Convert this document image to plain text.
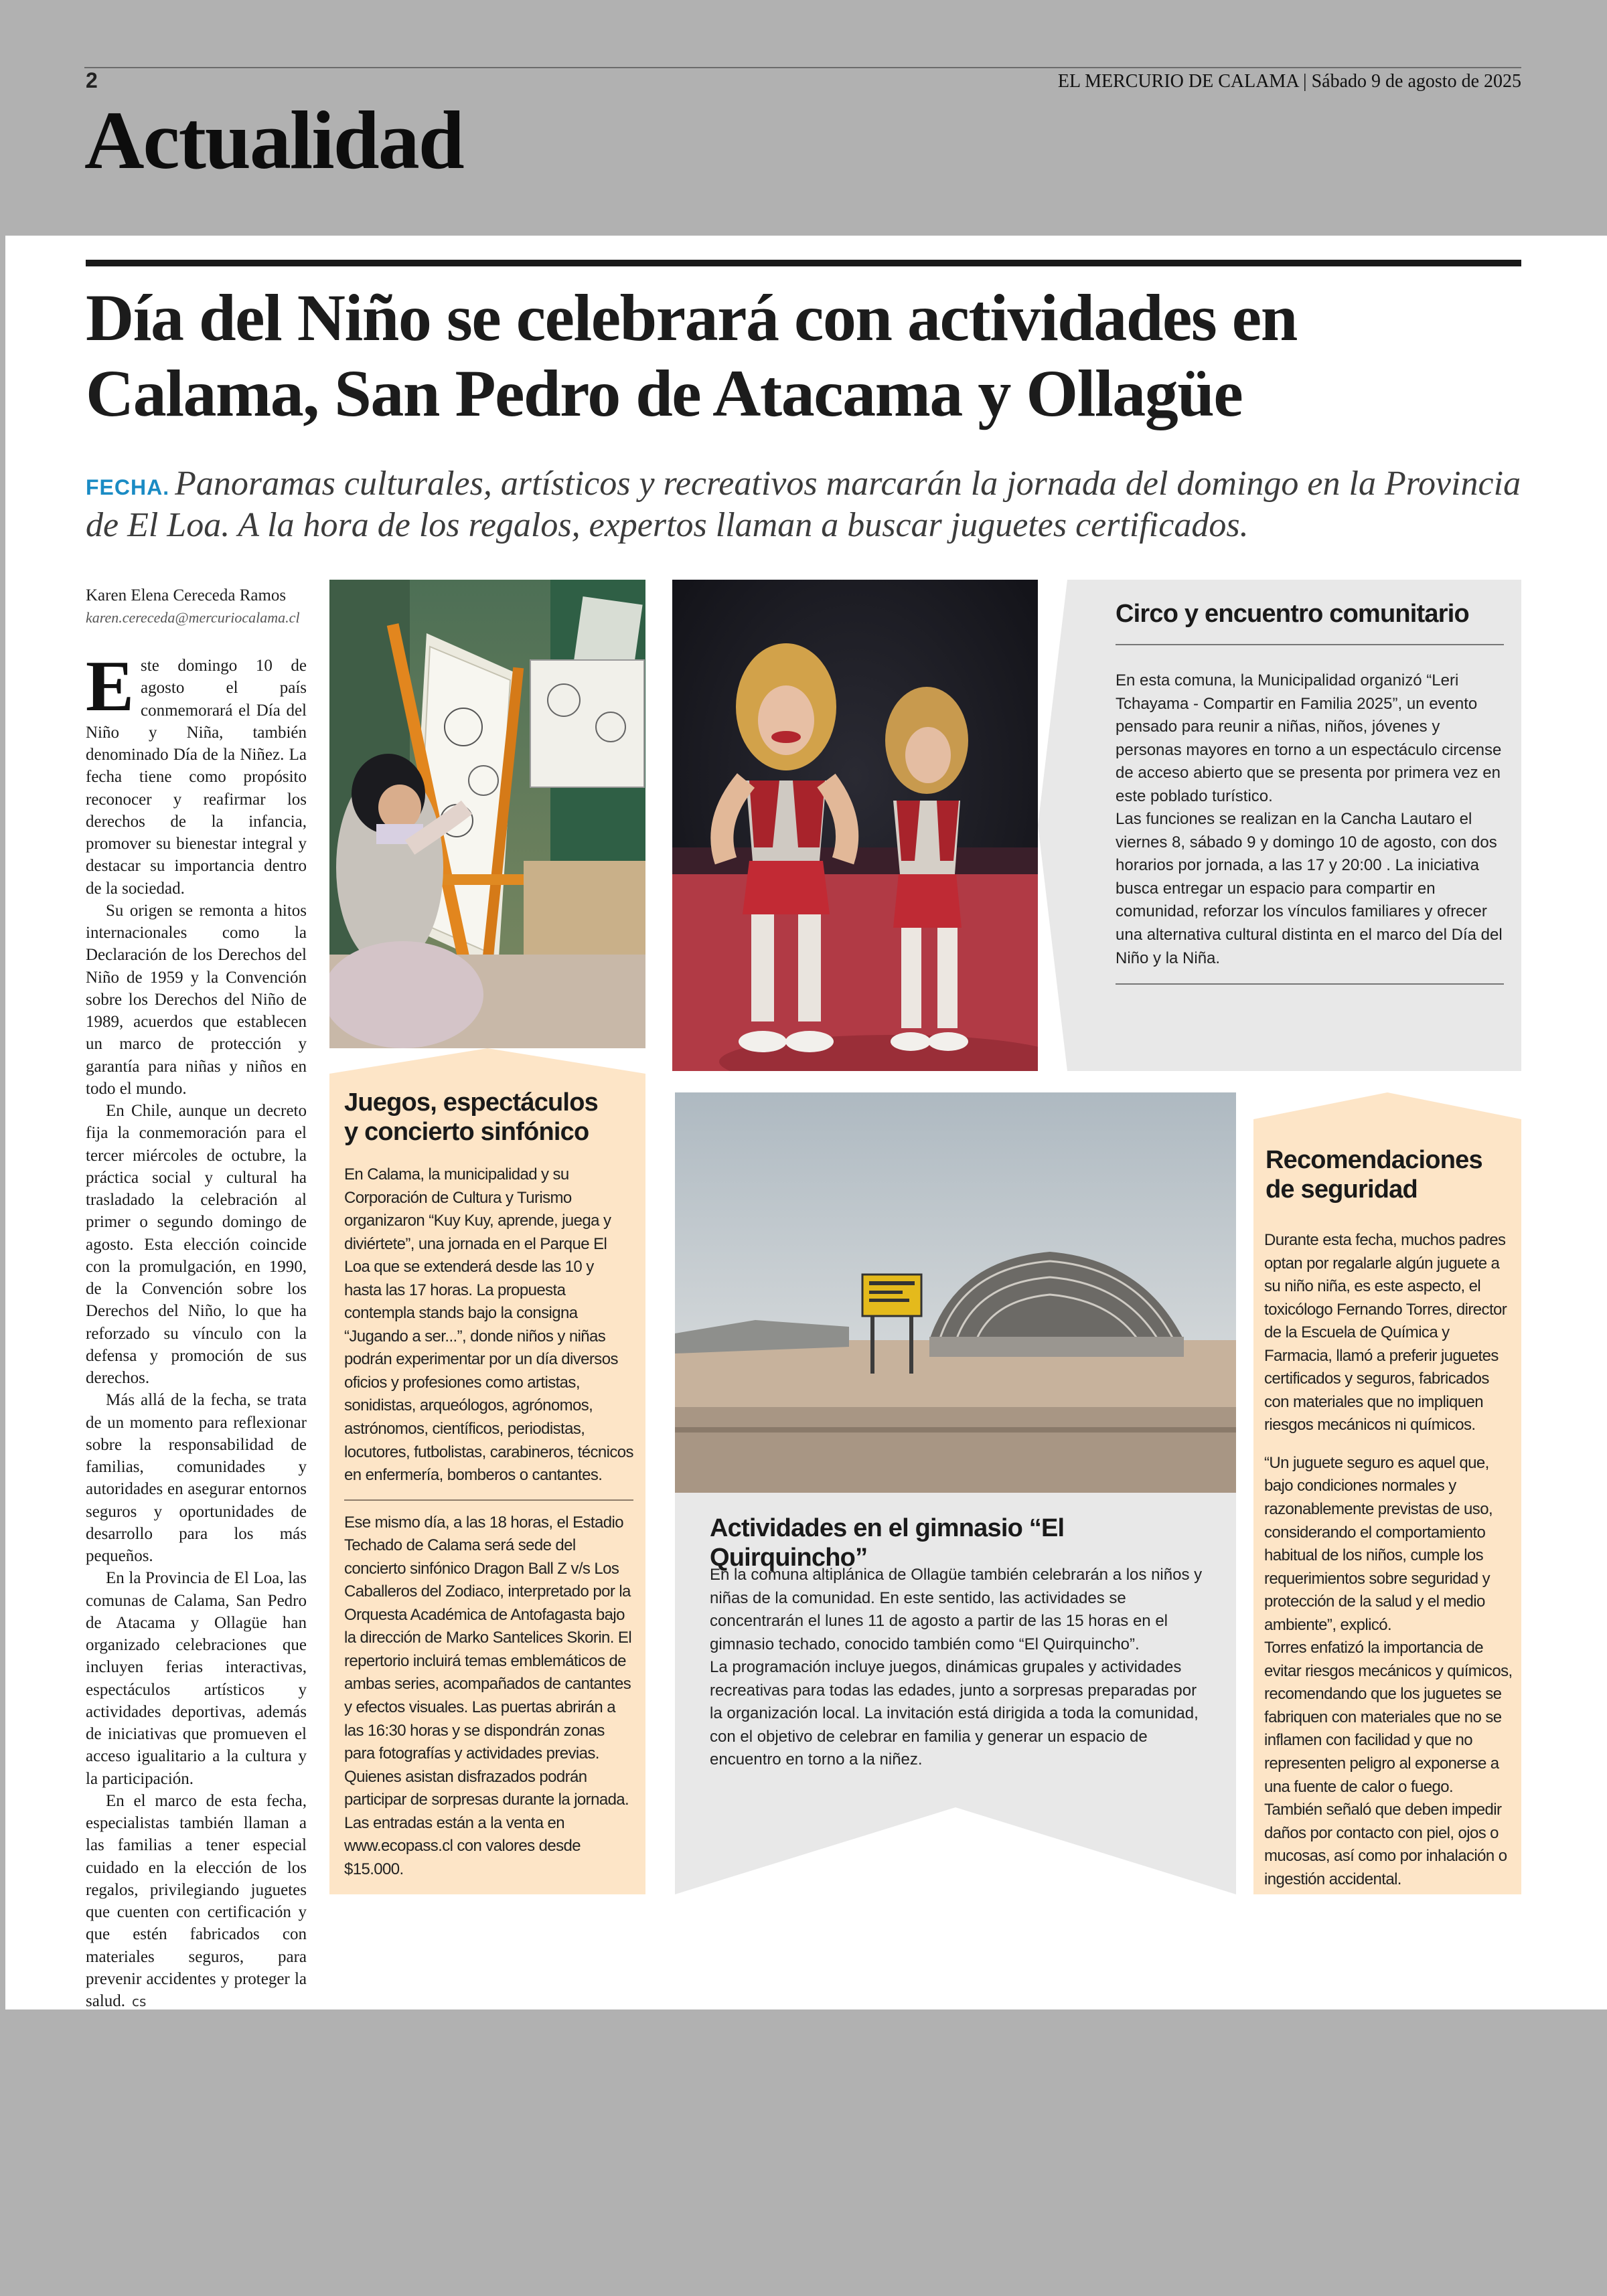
2	EL MERCURIO DE CALAMA | Sábado 9 de agosto de 2025
Actualidad
Día del Niño se celebrará con actividades en
Calama, San Pedro de Atacama y Ollagüe
FECHA. Panoramas culturales, artísticos y recreativos marcarán la jornada del domingo en la Provincia de El Loa. A la hora de los regalos, expertos llaman a buscar juguetes certificados.
Karen Elena Cereceda Ramos
karen.cereceda@mercuriocalama.cl

Este domingo 10 de agosto el país conmemorará el Día del Niño y Niña, también denominado Día de la Niñez. La fecha tiene como propósito reconocer y reafirmar los derechos de la infancia, promover su bienestar integral y destacar su importancia dentro de la sociedad.

Su origen se remonta a hitos internacionales como la Declaración de los Derechos del Niño de 1959 y la Convención sobre los Derechos del Niño de 1989, acuerdos que establecen un marco de protección y garantía para niñas y niños en todo el mundo.

En Chile, aunque un decreto fija la conmemoración para el tercer miércoles de octubre, la práctica social y cultural ha trasladado la celebración al primer o segundo domingo de agosto. Esta elección coincide con la promulgación, en 1990, de la Convención sobre los Derechos del Niño, lo que ha reforzado su vínculo con la defensa y promoción de sus derechos.

Más allá de la fecha, se trata de un momento para reflexionar sobre la responsabilidad de familias, comunidades y autoridades en asegurar entornos seguros y oportunidades de desarrollo para los más pequeños.

En la Provincia de El Loa, las comunas de Calama, San Pedro de Atacama y Ollagüe han organizado celebraciones que incluyen ferias interactivas, espectáculos artísticos y actividades deportivas, además de iniciativas que promueven el acceso igualitario a la cultura y la participación.

En el marco de esta fecha, especialistas también llaman a las familias a tener especial cuidado en la elección de los regalos, privilegiando juguetes que cuenten con certificación y que estén fabricados con materiales seguros, para prevenir accidentes y proteger la salud. cs

Juegos, espectáculos
y concierto sinfónico

En Calama, la municipalidad y su Corporación de Cultura y Turismo organizaron “Kuy Kuy, aprende, juega y diviértete”, una jornada en el Parque El Loa que se extenderá desde las 10 y hasta las 17 horas. La propuesta contempla stands bajo la consigna “Jugando a ser...”, donde niños y niñas podrán experimentar por un día diversos oficios y profesiones como artistas, sonidistas, arqueólogos, agrónomos, astrónomos, científicos, periodistas, locutores, futbolistas, carabineros, técnicos en enfermería, bomberos o cantantes.

Ese mismo día, a las 18 horas, el Estadio Techado de Calama será sede del concierto sinfónico Dragon Ball Z v/s Los Caballeros del Zodiaco, interpretado por la Orquesta Académica de Antofagasta bajo la dirección de Marko Santelices Skorin. El repertorio incluirá temas emblemáticos de ambas series, acompañados de cantantes y efectos visuales. Las puertas abrirán a las 16:30 horas y se dispondrán zonas para fotografías y actividades previas. Quienes asistan disfrazados podrán participar de sorpresas durante la jornada. Las entradas están a la venta en www.ecopass.cl con valores desde $15.000.

Circo y encuentro comunitario

En esta comuna, la Municipalidad organizó “Leri Tchayama - Compartir en Familia 2025”, un evento pensado para reunir a niñas, niños, jóvenes y personas mayores en torno a un espectáculo circense de acceso abierto que se presenta por primera vez en este poblado turístico.

Las funciones se realizan en la Cancha Lautaro el viernes 8, sábado 9 y domingo 10 de agosto, con dos horarios por jornada, a las 17 y 20:00 . La iniciativa busca entregar un espacio para compartir en comunidad, reforzar los vínculos familiares y ofrecer una alternativa cultural distinta en el marco del Día del Niño y la Niña.

Actividades en el gimnasio “El Quirquincho”

En la comuna altiplánica de Ollagüe también celebrarán a los niños y niñas de la comunidad. En este sentido, las actividades se concentrarán el lunes 11 de agosto a partir de las 15 horas en el gimnasio techado, conocido también como “El Quirquincho”.

La programación incluye juegos, dinámicas grupales y actividades recreativas para todas las edades, junto a sorpresas preparadas por la organización local. La invitación está dirigida a toda la comunidad, con el objetivo de celebrar en familia y generar un espacio de encuentro en torno a la niñez.

Recomendaciones
de seguridad

Durante esta fecha, muchos padres optan por regalarle algún juguete a su niño niña, es este aspecto, el toxicólogo Fernando Torres, director de la Escuela de Química y Farmacia, llamó a preferir juguetes certificados y seguros, fabricados con materiales que no impliquen riesgos mecánicos ni químicos.

“Un juguete seguro es aquel que, bajo condiciones normales y razonablemente previstas de uso, considerando el comportamiento habitual de los niños, cumple los requerimientos sobre seguridad y protección de la salud y el medio ambiente”, explicó.

Torres enfatizó la importancia de evitar riesgos mecánicos y químicos, recomendando que los juguetes se fabriquen con materiales que no se inflamen con facilidad y que no representen peligro al exponerse a una fuente de calor o fuego. También señaló que deben impedir daños por contacto con piel, ojos o mucosas, así como por inhalación o ingestión accidental.
